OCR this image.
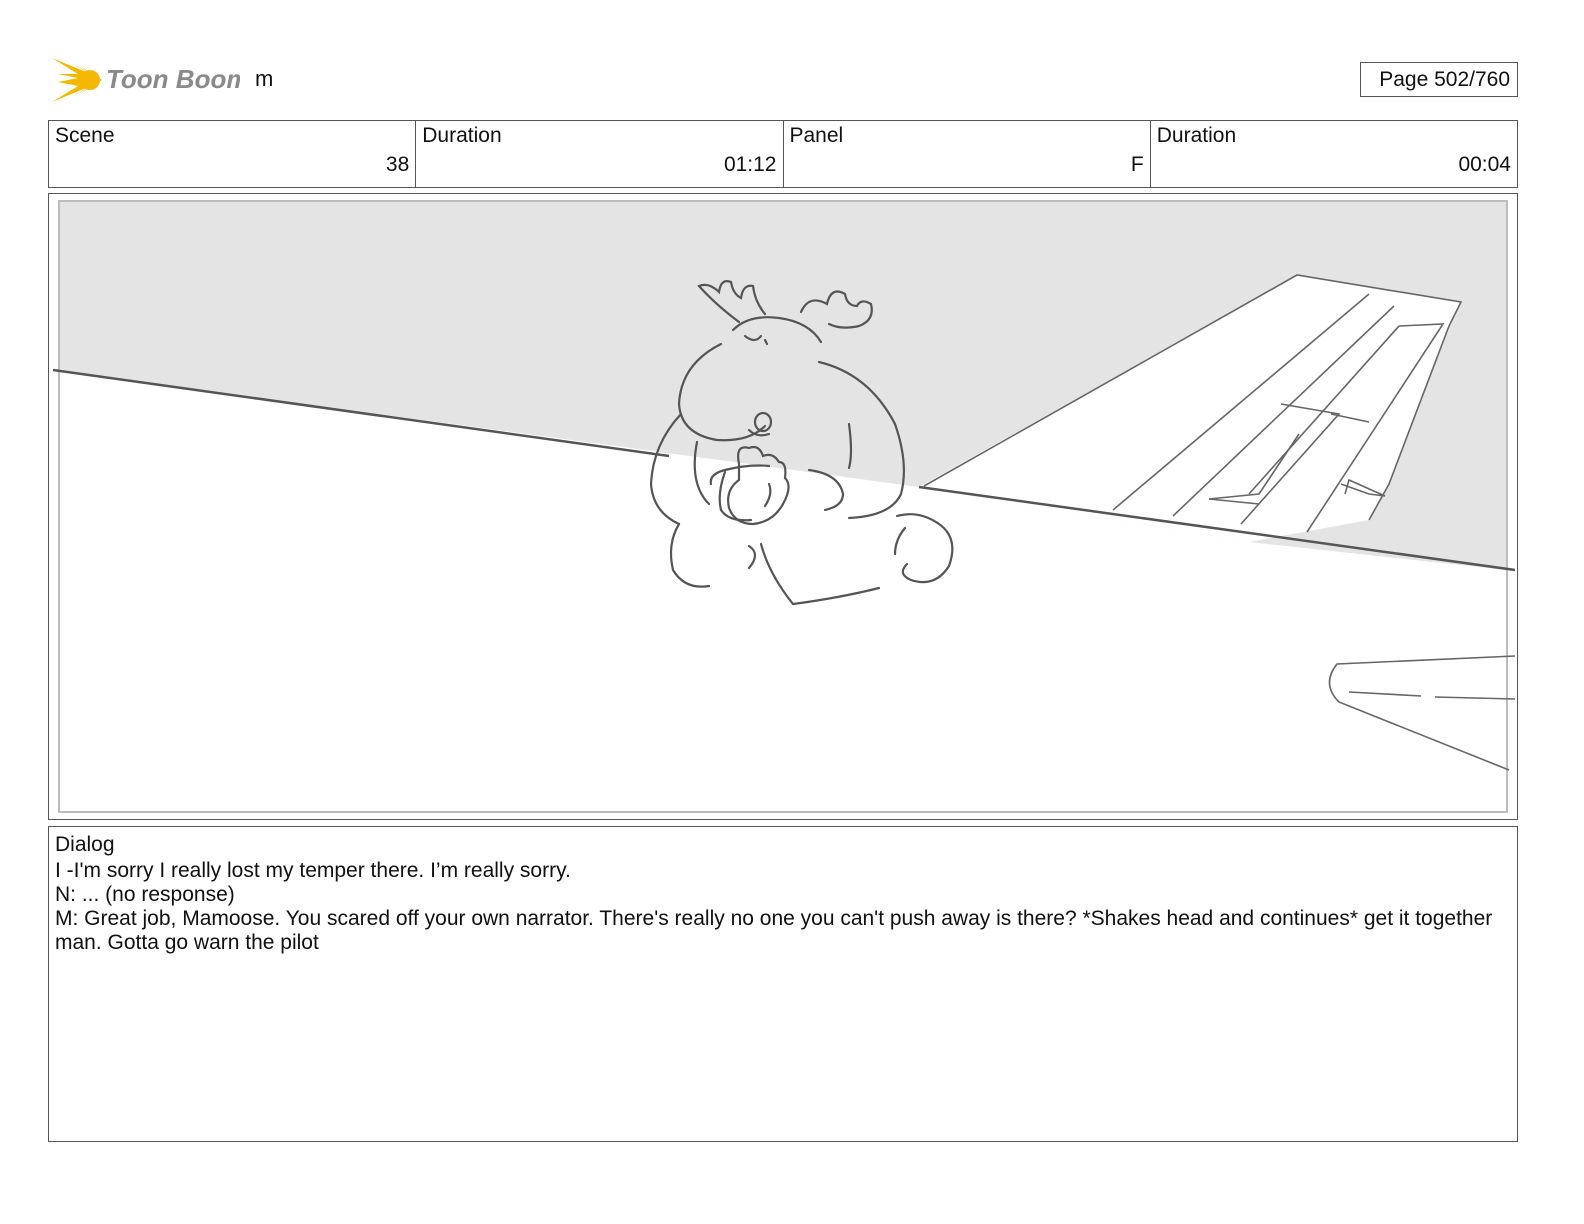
Toon Boom m	Page 502/760
Scene
38
Duration
01:12
Panel
F
Duration
00:04
Dialog
I -I'm sorry I really lost my temper there. I’m really sorry.
N: ... (no response)
M: Great job, Mamoose. You scared off your own narrator. There's really no one you can't push away is there? *Shakes head and continues* get it together man. Gotta go warn the pilot
